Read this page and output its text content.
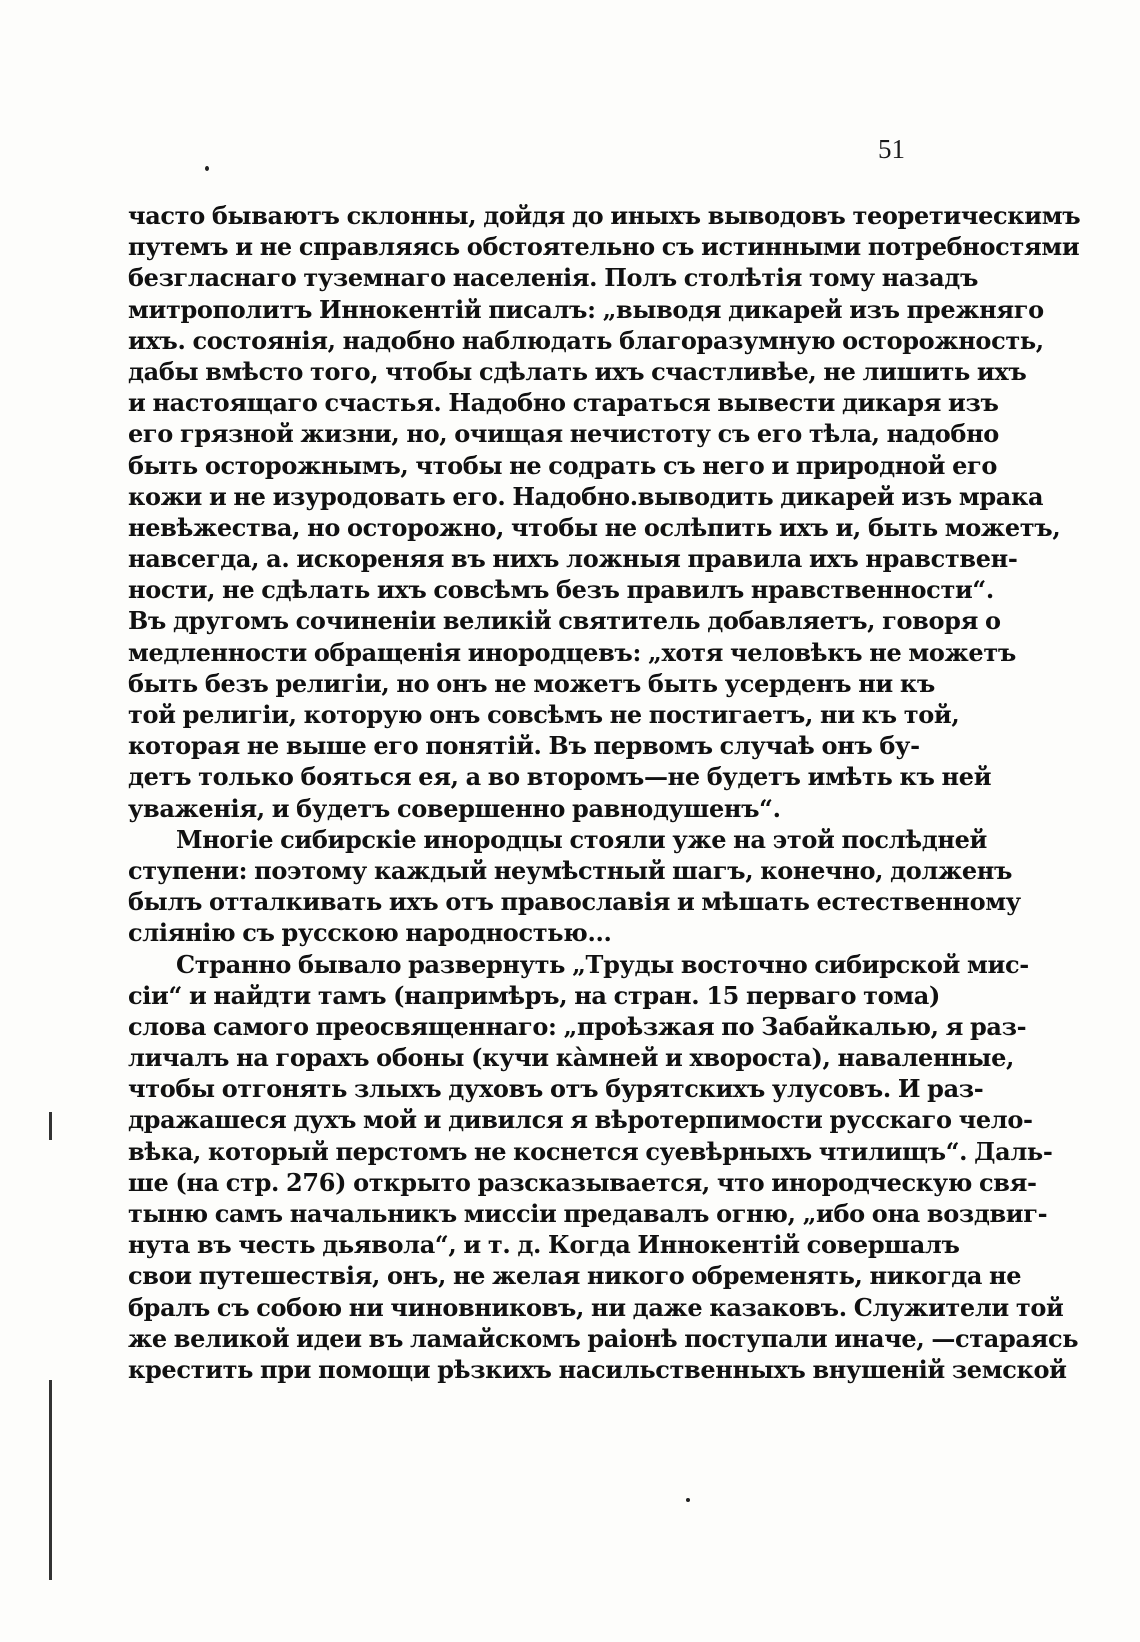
51
часто бываютъ склонны, дойдя до иныхъ выводовъ теоретическимъ
путемъ и не справляясь обстоятельно съ истинными потребностями
безгласнаго туземнаго населенія. Полъ столѣтія тому назадъ
митрополитъ Иннокентій писалъ: „выводя дикарей изъ прежняго
ихъ. состоянія, надобно наблюдать благоразумную осторожность,
дабы вмѣсто того, чтобы сдѣлать ихъ счастливѣе, не лишить ихъ
и настоящаго счастья. Надобно стараться вывести дикаря изъ
его грязной жизни, но, очищая нечистоту съ его тѣла, надобно
быть осторожнымъ, чтобы не содрать съ него и природной его
кожи и не изуродовать его. Надобно.выводить дикарей изъ мрака
невѣжества, но осторожно, чтобы не ослѣпить ихъ и, быть можетъ,
навсегда, а. искореняя въ нихъ ложныя правила ихъ нравствен-
ности, не сдѣлать ихъ совсѣмъ безъ правилъ нравственности“.
Въ другомъ сочиненіи великій святитель добавляетъ, говоря о
медленности обращенія инородцевъ: „хотя человѣкъ не можетъ
быть безъ религіи, но онъ не можетъ быть усерденъ ни къ
той религіи, которую онъ совсѣмъ не постигаетъ, ни къ той,
которая не выше его понятій. Въ первомъ случаѣ онъ бу-
детъ только бояться ея, а во второмъ—не будетъ имѣть къ ней
уваженія, и будетъ совершенно равнодушенъ“.
Многіе сибирскіе инородцы стояли уже на этой послѣдней
ступени: поэтому каждый неумѣстный шагъ, конечно, долженъ
былъ отталкивать ихъ отъ православія и мѣшать естественному
сліянію съ русскою народностью...
Странно бывало развернуть „Труды восточно сибирской мис-
сіи“ и найдти тамъ (напримѣръ, на стран. 15 перваго тома)
слова самого преосвященнаго: „проѣзжая по Забайкалью, я раз-
личалъ на горахъ обоны (кучи кàмней и хвороста), наваленные,
чтобы отгонять злыхъ духовъ отъ бурятскихъ улусовъ. И раз-
дражашеся духъ мой и дивился я вѣротерпимости русскаго чело-
вѣка, который перстомъ не коснется суевѣрныхъ чтилищъ“. Даль-
ше (на стр. 276) открыто разсказывается, что инородческую свя-
тыню самъ начальникъ миссіи предавалъ огню, „ибо она воздвиг-
нута въ честь дьявола“, и т. д. Когда Иннокентій совершалъ
свои путешествія, онъ, не желая никого обременять, никогда не
бралъ съ собою ни чиновниковъ, ни даже казаковъ. Служители той
же великой идеи въ ламайскомъ раіонѣ поступали иначе, —стараясь
крестить при помощи рѣзкихъ насильственныхъ внушеній земской
